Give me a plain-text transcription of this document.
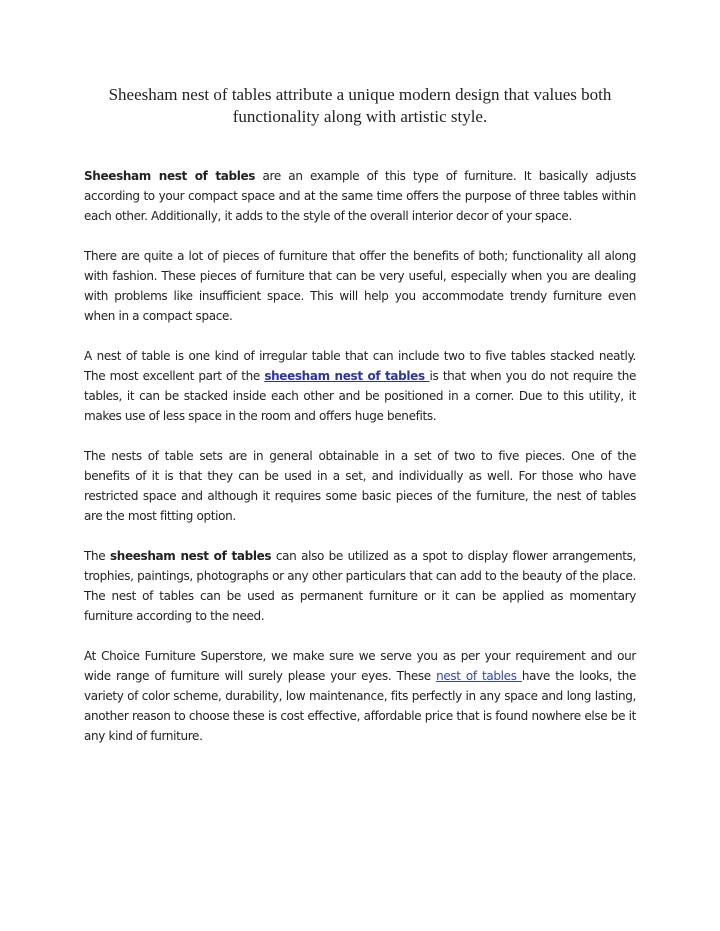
Sheesham nest of tables attribute a unique modern design that values both functionality along with artistic style.

Sheesham nest of tables are an example of this type of furniture. It basically adjusts according to your compact space and at the same time offers the purpose of three tables within each other. Additionally, it adds to the style of the overall interior decor of your space.

There are quite a lot of pieces of furniture that offer the benefits of both; functionality all along with fashion. These pieces of furniture that can be very useful, especially when you are dealing with problems like insufficient space. This will help you accommodate trendy furniture even when in a compact space.

A nest of table is one kind of irregular table that can include two to five tables stacked neatly. The most excellent part of the sheesham nest of tables is that when you do not require the tables, it can be stacked inside each other and be positioned in a corner. Due to this utility, it makes use of less space in the room and offers huge benefits.

The nests of table sets are in general obtainable in a set of two to five pieces. One of the benefits of it is that they can be used in a set, and individually as well. For those who have restricted space and although it requires some basic pieces of the furniture, the nest of tables are the most fitting option.

The sheesham nest of tables can also be utilized as a spot to display flower arrangements, trophies, paintings, photographs or any other particulars that can add to the beauty of the place. The nest of tables can be used as permanent furniture or it can be applied as momentary furniture according to the need.

At Choice Furniture Superstore, we make sure we serve you as per your requirement and our wide range of furniture will surely please your eyes. These nest of tables have the looks, the variety of color scheme, durability, low maintenance, fits perfectly in any space and long lasting, another reason to choose these is cost effective, affordable price that is found nowhere else be it any kind of furniture.
